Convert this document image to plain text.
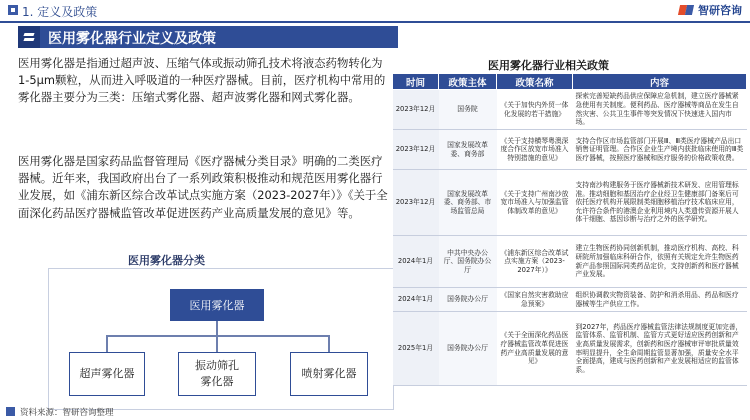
1. 定义及政策	智研咨询
医用雾化器行业定义及政策

医用雾化器是指通过超声波、压缩气体或振动筛孔技术将液态药物转化为1-5μm颗粒，从而进入呼吸道的一种医疗器械。目前，医疗机构中常用的雾化器主要分为三类：压缩式雾化器、超声波雾化器和网式雾化器。

医用雾化器是国家药品监督管理局《医疗器械分类目录》明确的二类医疗器械。近年来，我国政府出台了一系列政策积极推动和规范医用雾化器行业发展，如《浦东新区综合改革试点实施方案（2023-2027年）》《关于全面深化药品医疗器械监管改革促进医药产业高质量发展的意见》等。

医用雾化器分类
医用雾化器
超声雾化器
振动筛孔雾化器
喷射雾化器
医用雾化器行业相关政策
时间	政策主体	政策名称	内容
2023年12月	国务院	《关于加快内外贸一体化发展的若干措施》	探索完善短缺药品供应保障应急机制，建立医疗器械紧急使用有关制度。便利药品、医疗器械等商品在发生自然灾害、公共卫生事件等突发情况下快速进入国内市场。
2023年12月	国家发展改革委、商务部	《关于支持横琴粤澳深度合作区放宽市场准入特别措施的意见》	支持合作区市场监管部门开展Ⅲ、Ⅲ类医疗器械产品出口销售证明管理。合作区企业生产境内获批临床使用的Ⅲ类医疗器械，按照医疗器械和医疗服务的价格政策收费。
2023年12月	国家发展改革委、商务部、市场监管总局	《关于支持广州南沙放宽市场准入与加强监管体制改革的意见》	支持南沙构建服务于医疗器械新技术研发、应用管理标准。推动细胞和基因治疗企业经卫生健康部门备案后可依托医疗机构开展限制类细胞移植治疗技术临床应用，允许符合条件的港澳企业利用境内人类遗传资源开展人体干细胞、基因诊断与治疗之外的医学研究。
2024年1月	中共中央办公厅、国务院办公厅	《浦东新区综合改革试点实施方案（2023-2027年）》	建立生物医药协同创新机制，推动医疗机构、高校、科研院所加强临床科研合作，依照有关规定允许生物医药新产品参照国际同类药品定价，支持创新药和医疗器械产业发展。
2024年1月	国务院办公厅	《国家自然灾害救助应急预案》	组织协调救灾物资装备、防护和消杀用品、药品和医疗器械等生产供应工作。
2025年1月	国务院办公厅	《关于全面深化药品医疗器械监管改革促进医药产业高质量发展的意见》	到2027年，药品医疗器械监管法律法规制度更加完善，监管体系、监管机制、监管方式更好适应医药创新和产业高质量发展需求，创新药和医疗器械审评审批质量效率明显提升，全生命周期监管显著加强，质量安全水平全面提高，建成与医药创新和产业发展相适应的监管体系。
资料来源：智研咨询整理
